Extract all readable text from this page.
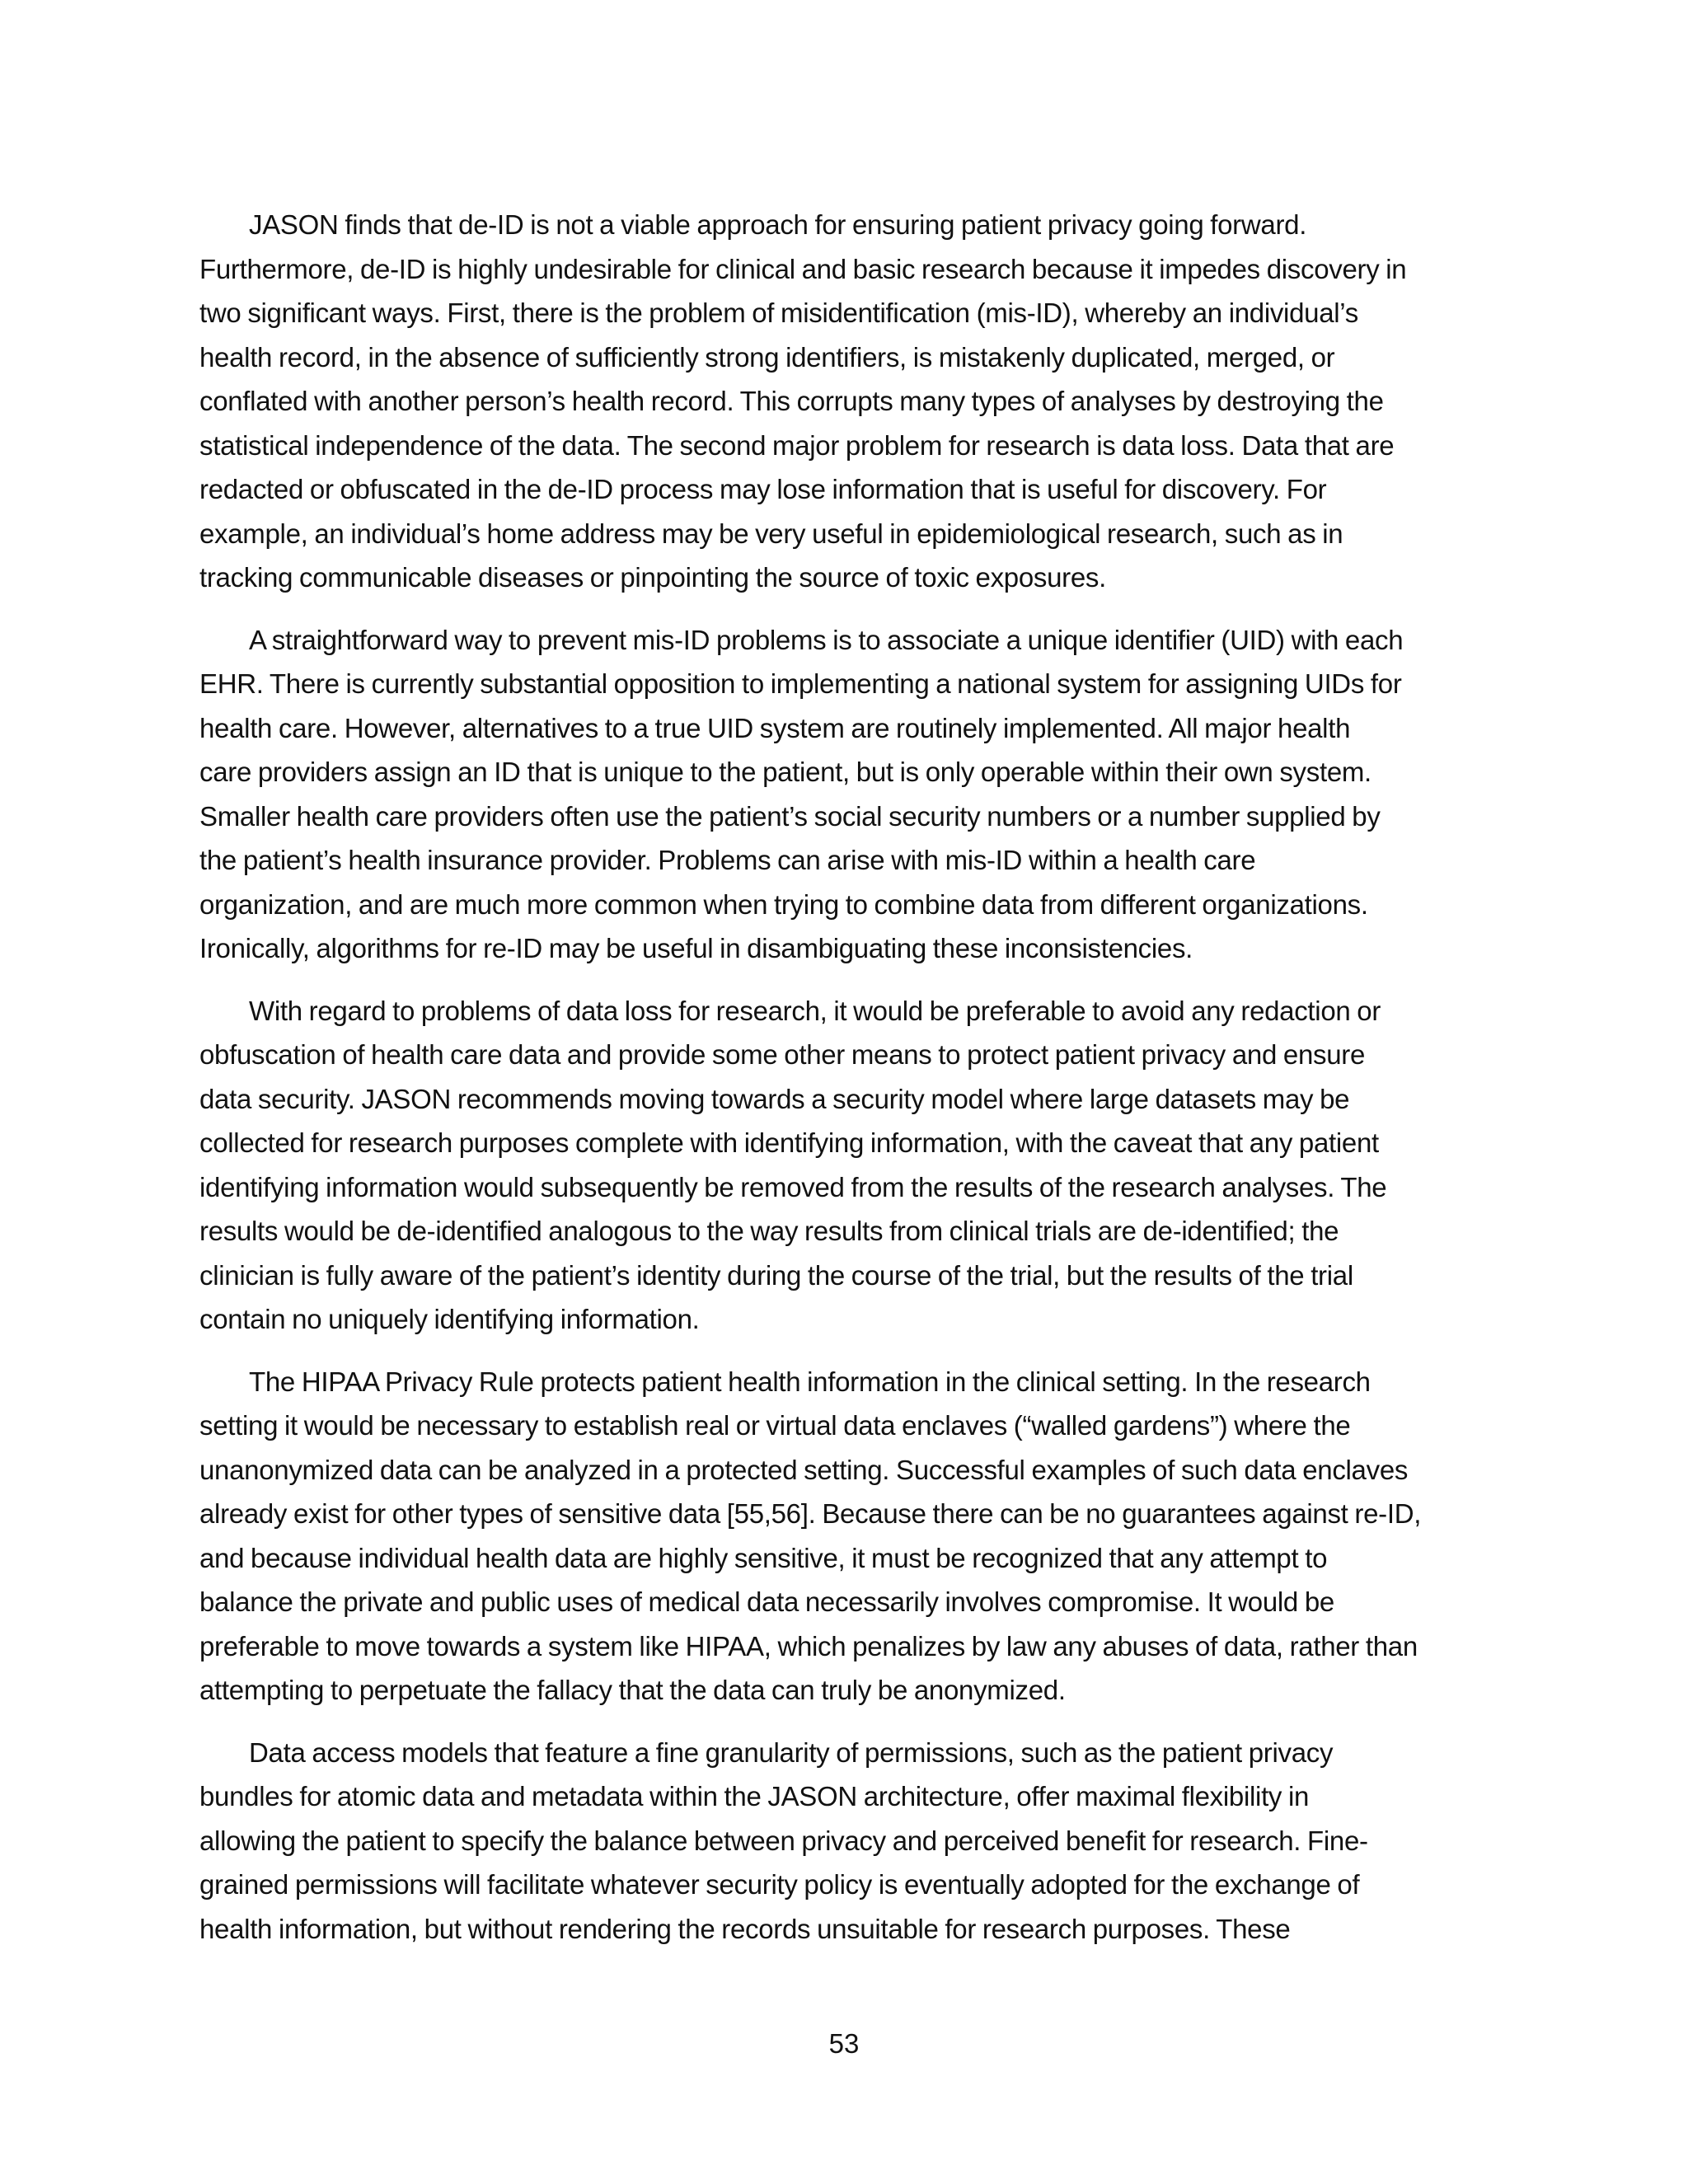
JASON finds that de-ID is not a viable approach for ensuring patient privacy going forward.
Furthermore, de-ID is highly undesirable for clinical and basic research because it impedes discovery in
two significant ways. First, there is the problem of misidentification (mis-ID), whereby an individual’s
health record, in the absence of sufficiently strong identifiers, is mistakenly duplicated, merged, or
conflated with another person’s health record. This corrupts many types of analyses by destroying the
statistical independence of the data. The second major problem for research is data loss. Data that are
redacted or obfuscated in the de-ID process may lose information that is useful for discovery. For
example, an individual’s home address may be very useful in epidemiological research, such as in
tracking communicable diseases or pinpointing the source of toxic exposures.

A straightforward way to prevent mis-ID problems is to associate a unique identifier (UID) with each
EHR. There is currently substantial opposition to implementing a national system for assigning UIDs for
health care. However, alternatives to a true UID system are routinely implemented. All major health
care providers assign an ID that is unique to the patient, but is only operable within their own system.
Smaller health care providers often use the patient’s social security numbers or a number supplied by
the patient’s health insurance provider. Problems can arise with mis-ID within a health care
organization, and are much more common when trying to combine data from different organizations.
Ironically, algorithms for re-ID may be useful in disambiguating these inconsistencies.

With regard to problems of data loss for research, it would be preferable to avoid any redaction or
obfuscation of health care data and provide some other means to protect patient privacy and ensure
data security. JASON recommends moving towards a security model where large datasets may be
collected for research purposes complete with identifying information, with the caveat that any patient
identifying information would subsequently be removed from the results of the research analyses. The
results would be de-identified analogous to the way results from clinical trials are de-identified; the
clinician is fully aware of the patient’s identity during the course of the trial, but the results of the trial
contain no uniquely identifying information.

The HIPAA Privacy Rule protects patient health information in the clinical setting. In the research
setting it would be necessary to establish real or virtual data enclaves (“walled gardens”) where the
unanonymized data can be analyzed in a protected setting. Successful examples of such data enclaves
already exist for other types of sensitive data [55,56]. Because there can be no guarantees against re-ID,
and because individual health data are highly sensitive, it must be recognized that any attempt to
balance the private and public uses of medical data necessarily involves compromise. It would be
preferable to move towards a system like HIPAA, which penalizes by law any abuses of data, rather than
attempting to perpetuate the fallacy that the data can truly be anonymized.

Data access models that feature a fine granularity of permissions, such as the patient privacy
bundles for atomic data and metadata within the JASON architecture, offer maximal flexibility in
allowing the patient to specify the balance between privacy and perceived benefit for research. Fine-
grained permissions will facilitate whatever security policy is eventually adopted for the exchange of
health information, but without rendering the records unsuitable for research purposes. These

53
